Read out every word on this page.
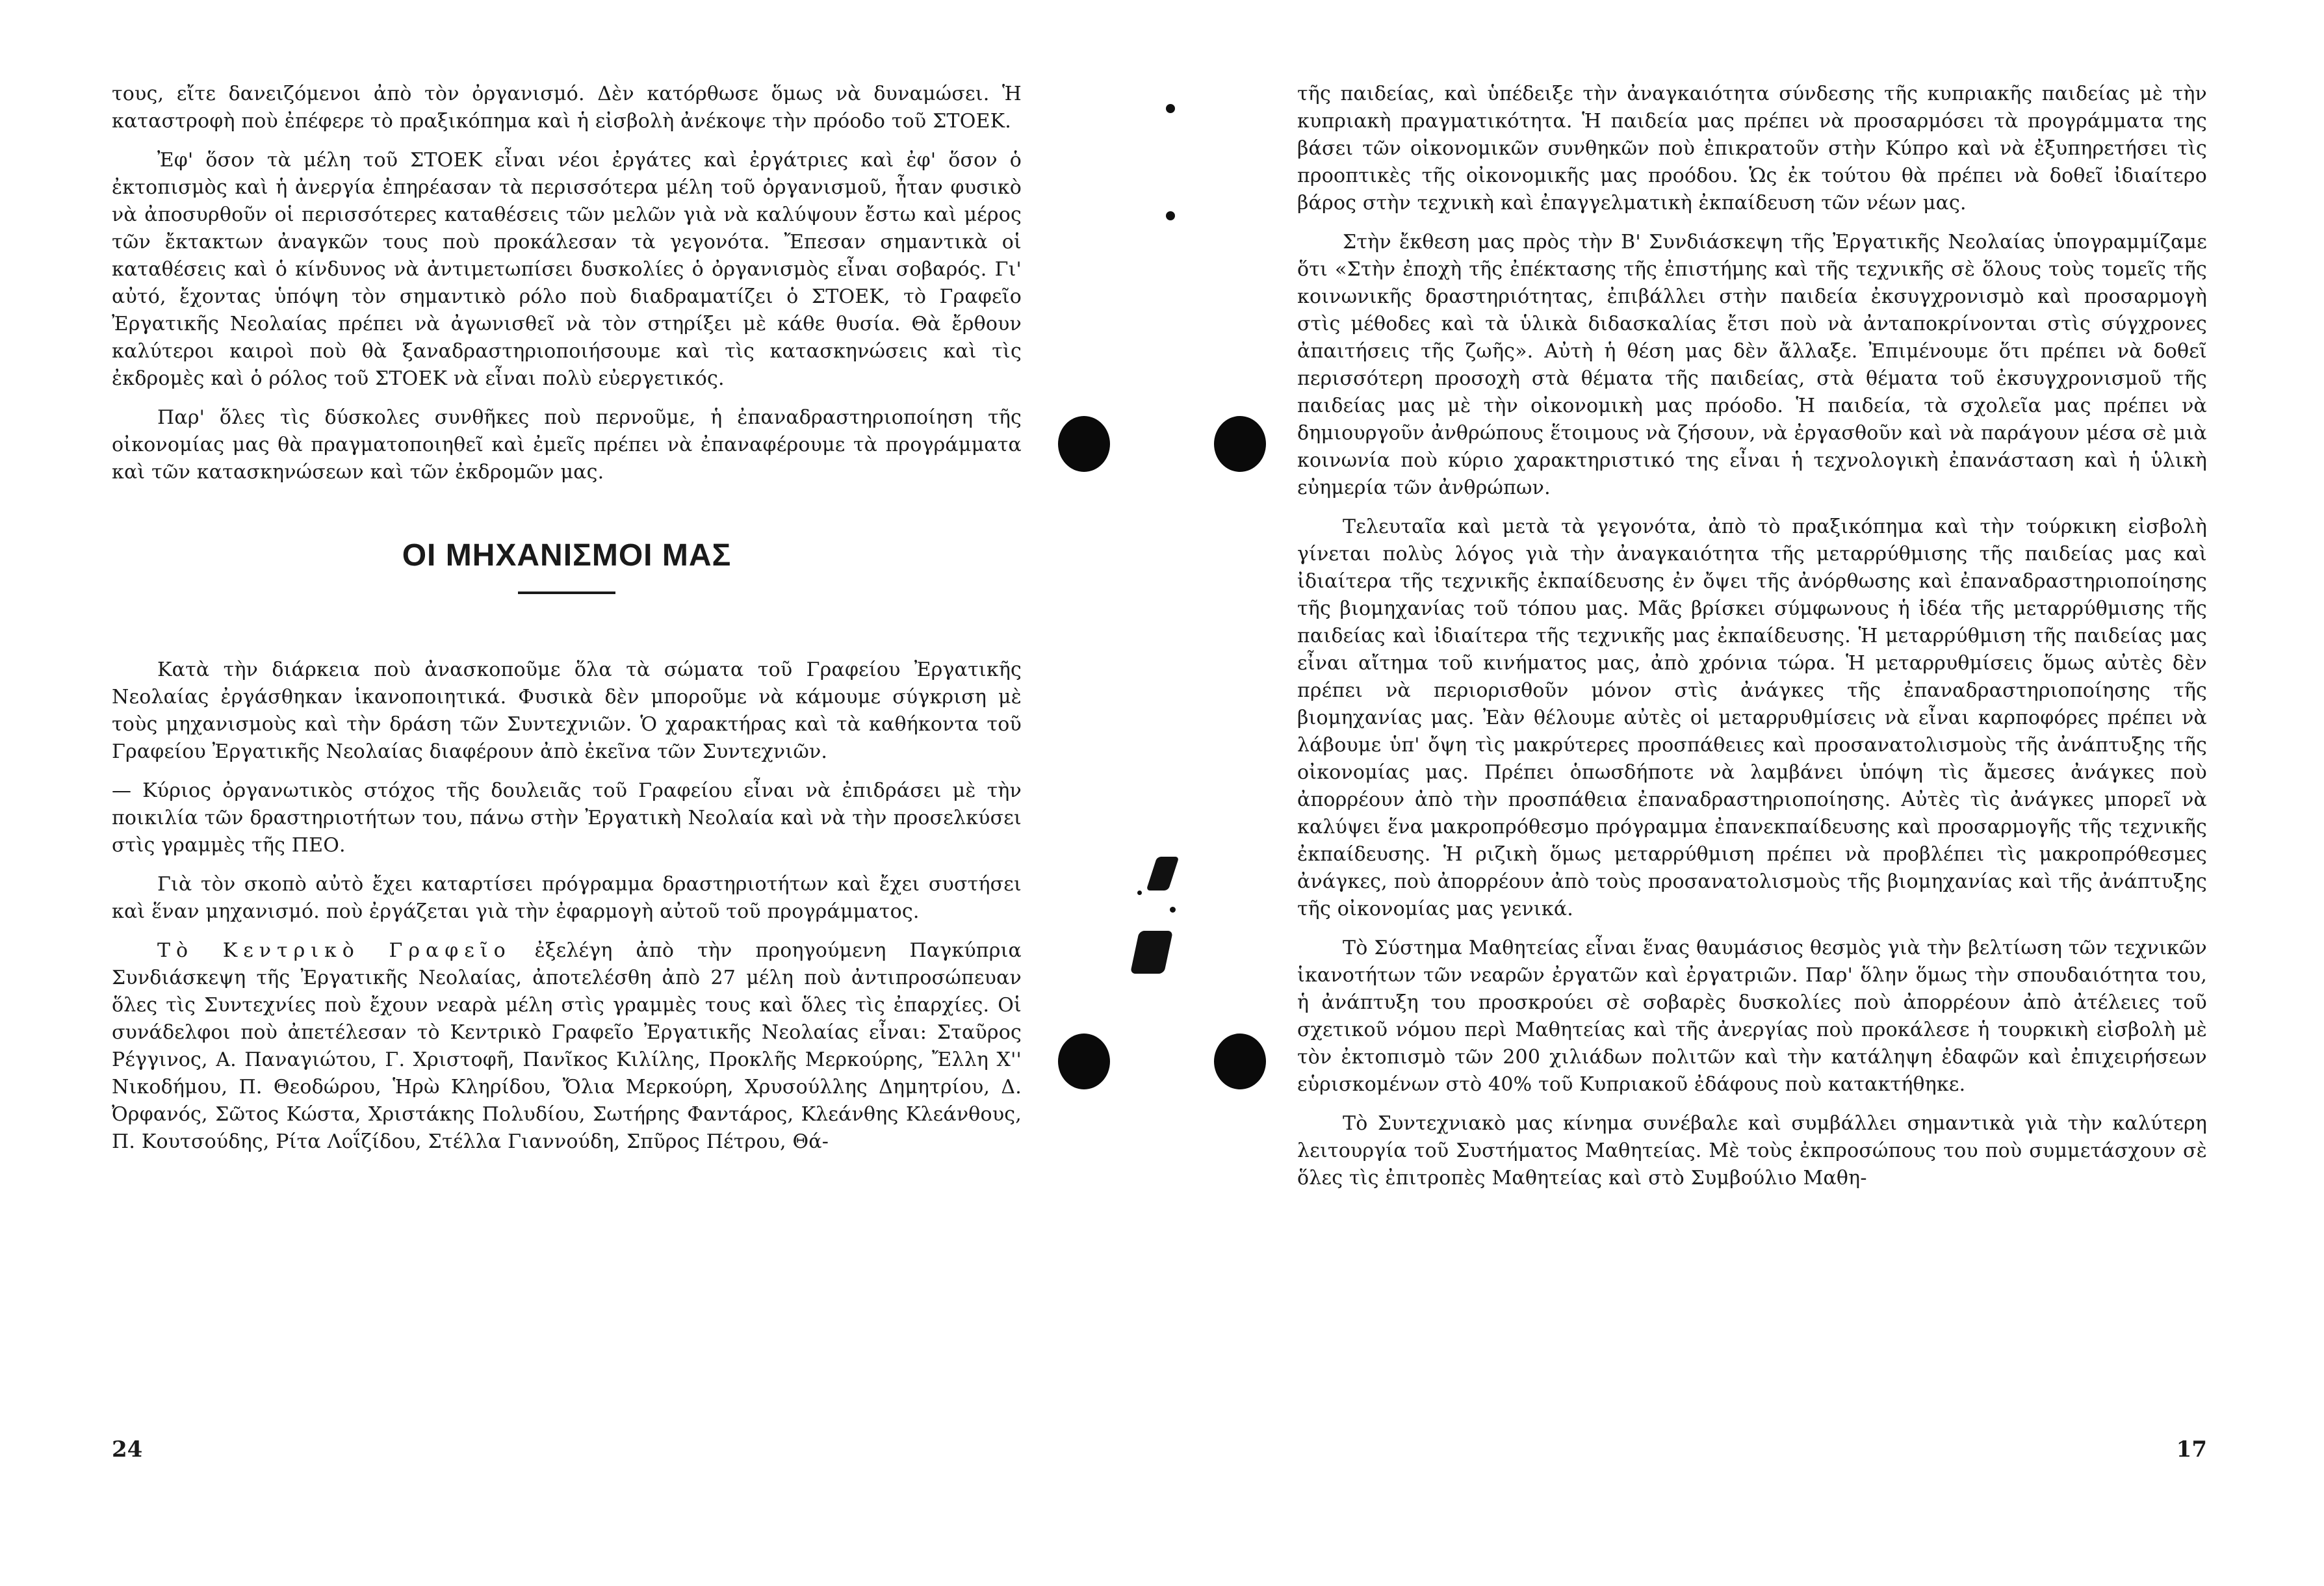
τους, εἴτε δανειζόμενοι ἀπὸ τὸν ὀργανισμό. Δὲν κατόρθωσε ὅμως νὰ δυναμώσει. Ἡ καταστροφὴ ποὺ ἐπέφερε τὸ πραξικόπημα καὶ ἡ εἰσβολὴ ἀνέκοψε τὴν πρόοδο τοῦ ΣΤΟΕΚ.

Ἐφ' ὅσον τὰ μέλη τοῦ ΣΤΟΕΚ εἶναι νέοι ἐργάτες καὶ ἐργάτριες καὶ ἐφ' ὅσον ὁ ἐκτοπισμὸς καὶ ἡ ἀνεργία ἐπηρέασαν τὰ περισσότερα μέλη τοῦ ὀργανισμοῦ, ἦταν φυσικὸ νὰ ἀποσυρθοῦν οἱ περισσότερες καταθέσεις τῶν μελῶν γιὰ νὰ καλύψουν ἔστω καὶ μέρος τῶν ἔκτακτων ἀναγκῶν τους ποὺ προκάλεσαν τὰ γεγονότα. Ἔπεσαν σημαντικὰ οἱ καταθέσεις καὶ ὁ κίνδυνος νὰ ἀντιμετωπίσει δυσκολίες ὁ ὀργανισμὸς εἶναι σοβαρός. Γι' αὐτό, ἔχοντας ὑπόψη τὸν σημαντικὸ ρόλο ποὺ διαδραματίζει ὁ ΣΤΟΕΚ, τὸ Γραφεῖο Ἐργατικῆς Νεολαίας πρέπει νὰ ἀγωνισθεῖ νὰ τὸν στηρίξει μὲ κάθε θυσία. Θὰ ἔρθουν καλύτεροι καιροὶ ποὺ θὰ ξαναδραστηριοποιήσουμε καὶ τὶς κατασκηνώσεις καὶ τὶς ἐκδρομὲς καὶ ὁ ρόλος τοῦ ΣΤΟΕΚ νὰ εἶναι πολὺ εὐεργετικός.

Παρ' ὅλες τὶς δύσκολες συνθῆκες ποὺ περνοῦμε, ἡ ἐπαναδραστηριοποίηση τῆς οἰκονομίας μας θὰ πραγματοποιηθεῖ καὶ ἐμεῖς πρέπει νὰ ἐπαναφέρουμε τὰ προγράμματα καὶ τῶν κατασκηνώσεων καὶ τῶν ἐκδρομῶν μας.

ΟΙ ΜΗΧΑΝΙΣΜΟΙ ΜΑΣ

Κατὰ τὴν διάρκεια ποὺ ἀνασκοποῦμε ὅλα τὰ σώματα τοῦ Γραφείου Ἐργατικῆς Νεολαίας ἐργάσθηκαν ἱκανοποιητικά. Φυσικὰ δὲν μποροῦμε νὰ κάμουμε σύγκριση μὲ τοὺς μηχανισμοὺς καὶ τὴν δράση τῶν Συντεχνιῶν. Ὁ χαρακτήρας καὶ τὰ καθήκοντα τοῦ Γραφείου Ἐργατικῆς Νεολαίας διαφέρουν ἀπὸ ἐκεῖνα τῶν Συντεχνιῶν.

— Κύριος ὀργανωτικὸς στόχος τῆς δουλειᾶς τοῦ Γραφείου εἶναι νὰ ἐπιδράσει μὲ τὴν ποικιλία τῶν δραστηριοτήτων του, πάνω στὴν Ἐργατικὴ Νεολαία καὶ νὰ τὴν προσελκύσει στὶς γραμμὲς τῆς ΠΕΟ.

Γιὰ τὸν σκοπὸ αὐτὸ ἔχει καταρτίσει πρόγραμμα δραστηριοτήτων καὶ ἔχει συστήσει καὶ ἕναν μηχανισμό. ποὺ ἐργάζεται γιὰ τὴν ἐφαρμογὴ αὐτοῦ τοῦ προγράμματος.

Τὸ Κεντρικὸ Γραφεῖο ἐξελέγη ἀπὸ τὴν προηγούμενη Παγκύπρια Συνδιάσκεψη τῆς Ἐργατικῆς Νεολαίας, ἀποτελέσθη ἀπὸ 27 μέλη ποὺ ἀντιπροσώπευαν ὅλες τὶς Συντεχνίες ποὺ ἔχουν νεαρὰ μέλη στὶς γραμμὲς τους καὶ ὅλες τὶς ἐπαρχίες. Οἱ συνάδελφοι ποὺ ἀπετέλεσαν τὸ Κεντρικὸ Γραφεῖο Ἐργατικῆς Νεολαίας εἶναι: Σταῦρος Ρέγγινος, Α. Παναγιώτου, Γ. Χριστοφῆ, Πανῖκος Κιλίλης, Προκλῆς Μερκούρης, Ἔλλη Χ'' Νικοδήμου, Π. Θεοδώρου, Ἡρὼ Κληρίδου, Ὄλια Μερκούρη, Χρυσούλλης Δημητρίου, Δ. Ὀρφανός, Σῶτος Κώστα, Χριστάκης Πολυδίου, Σωτήρης Φαντάρος, Κλεάνθης Κλεάνθους, Π. Κουτσούδης, Ρίτα Λοΐζίδου, Στέλλα Γιαννούδη, Σπῦρος Πέτρου, Θά-

24

τῆς παιδείας, καὶ ὑπέδειξε τὴν ἀναγκαιότητα σύνδεσης τῆς κυπριακῆς παιδείας μὲ τὴν κυπριακὴ πραγματικότητα. Ἡ παιδεία μας πρέπει νὰ προσαρμόσει τὰ προγράμματα της βάσει τῶν οἰκονομικῶν συνθηκῶν ποὺ ἐπικρατοῦν στὴν Κύπρο καὶ νὰ ἐξυπηρετήσει τὶς προοπτικὲς τῆς οἰκονομικῆς μας προόδου. Ὡς ἐκ τούτου θὰ πρέπει νὰ δοθεῖ ἰδιαίτερο βάρος στὴν τεχνικὴ καὶ ἐπαγγελματικὴ ἐκπαίδευση τῶν νέων μας.

Στὴν ἔκθεση μας πρὸς τὴν Β' Συνδιάσκεψη τῆς Ἐργατικῆς Νεολαίας ὑπογραμμίζαμε ὅτι «Στὴν ἐποχὴ τῆς ἐπέκτασης τῆς ἐπιστήμης καὶ τῆς τεχνικῆς σὲ ὅλους τοὺς τομεῖς τῆς κοινωνικῆς δραστηριότητας, ἐπιβάλλει στὴν παιδεία ἐκσυγχρονισμὸ καὶ προσαρμογὴ στὶς μέθοδες καὶ τὰ ὑλικὰ διδασκαλίας ἔτσι ποὺ νὰ ἀνταποκρίνονται στὶς σύγχρονες ἀπαιτήσεις τῆς ζωῆς». Αὐτὴ ἡ θέση μας δὲν ἄλλαξε. Ἐπιμένουμε ὅτι πρέπει νὰ δοθεῖ περισσότερη προσοχὴ στὰ θέματα τῆς παιδείας, στὰ θέματα τοῦ ἐκσυγχρονισμοῦ τῆς παιδείας μας μὲ τὴν οἰκονομικὴ μας πρόοδο. Ἡ παιδεία, τὰ σχολεῖα μας πρέπει νὰ δημιουργοῦν ἀνθρώπους ἕτοιμους νὰ ζήσουν, νὰ ἐργασθοῦν καὶ νὰ παράγουν μέσα σὲ μιὰ κοινωνία ποὺ κύριο χαρακτηριστικό της εἶναι ἡ τεχνολογικὴ ἐπανάσταση καὶ ἡ ὑλικὴ εὐημερία τῶν ἀνθρώπων.

Τελευταῖα καὶ μετὰ τὰ γεγονότα, ἀπὸ τὸ πραξικόπημα καὶ τὴν τούρκικη εἰσβολὴ γίνεται πολὺς λόγος γιὰ τὴν ἀναγκαιότητα τῆς μεταρρύθμισης τῆς παιδείας μας καὶ ἰδιαίτερα τῆς τεχνικῆς ἐκπαίδευσης ἐν ὄψει τῆς ἀνόρθωσης καὶ ἐπαναδραστηριοποίησης τῆς βιομηχανίας τοῦ τόπου μας. Μᾶς βρίσκει σύμφωνους ἡ ἰδέα τῆς μεταρρύθμισης τῆς παιδείας καὶ ἰδιαίτερα τῆς τεχνικῆς μας ἐκπαίδευσης. Ἡ μεταρρύθμιση τῆς παιδείας μας εἶναι αἴτημα τοῦ κινήματος μας, ἀπὸ χρόνια τώρα. Ἡ μεταρρυθμίσεις ὅμως αὐτὲς δὲν πρέπει νὰ περιορισθοῦν μόνον στὶς ἀνάγκες τῆς ἐπαναδραστηριοποίησης τῆς βιομηχανίας μας. Ἐὰν θέλουμε αὐτὲς οἱ μεταρρυθμίσεις νὰ εἶναι καρποφόρες πρέπει νὰ λάβουμε ὑπ' ὄψη τὶς μακρύτερες προσπάθειες καὶ προσανατολισμοὺς τῆς ἀνάπτυξης τῆς οἰκονομίας μας. Πρέπει ὁπωσδήποτε νὰ λαμβάνει ὑπόψη τὶς ἄμεσες ἀνάγκες ποὺ ἀπορρέουν ἀπὸ τὴν προσπάθεια ἐπαναδραστηριοποίησης. Αὐτὲς τὶς ἀνάγκες μπορεῖ νὰ καλύψει ἕνα μακροπρόθεσμο πρόγραμμα ἐπανεκπαίδευσης καὶ προσαρμογῆς τῆς τεχνικῆς ἐκπαίδευσης. Ἡ ριζικὴ ὅμως μεταρρύθμιση πρέπει νὰ προβλέπει τὶς μακροπρόθεσμες ἀνάγκες, ποὺ ἀπορρέουν ἀπὸ τοὺς προσανατολισμοὺς τῆς βιομηχανίας καὶ τῆς ἀνάπτυξης τῆς οἰκονομίας μας γενικά.

Τὸ Σύστημα Μαθητείας εἶναι ἕνας θαυμάσιος θεσμὸς γιὰ τὴν βελτίωση τῶν τεχνικῶν ἱκανοτήτων τῶν νεαρῶν ἐργατῶν καὶ ἐργατριῶν. Παρ' ὅλην ὅμως τὴν σπουδαιότητα του, ἡ ἀνάπτυξη του προσκρούει σὲ σοβαρὲς δυσκολίες ποὺ ἀπορρέουν ἀπὸ ἀτέλειες τοῦ σχετικοῦ νόμου περὶ Μαθητείας καὶ τῆς ἀνεργίας ποὺ προκάλεσε ἡ τουρκικὴ εἰσβολὴ μὲ τὸν ἐκτοπισμὸ τῶν 200 χιλιάδων πολιτῶν καὶ τὴν κατάληψη ἐδαφῶν καὶ ἐπιχειρήσεων εὑρισκομένων στὸ 40% τοῦ Κυπριακοῦ ἐδάφους ποὺ κατακτήθηκε.

Τὸ Συντεχνιακὸ μας κίνημα συνέβαλε καὶ συμβάλλει σημαντικὰ γιὰ τὴν καλύτερη λειτουργία τοῦ Συστήματος Μαθητείας. Μὲ τοὺς ἐκπροσώπους του ποὺ συμμετάσχουν σὲ ὅλες τὶς ἐπιτροπὲς Μαθητείας καὶ στὸ Συμβούλιο Μαθη-

17
